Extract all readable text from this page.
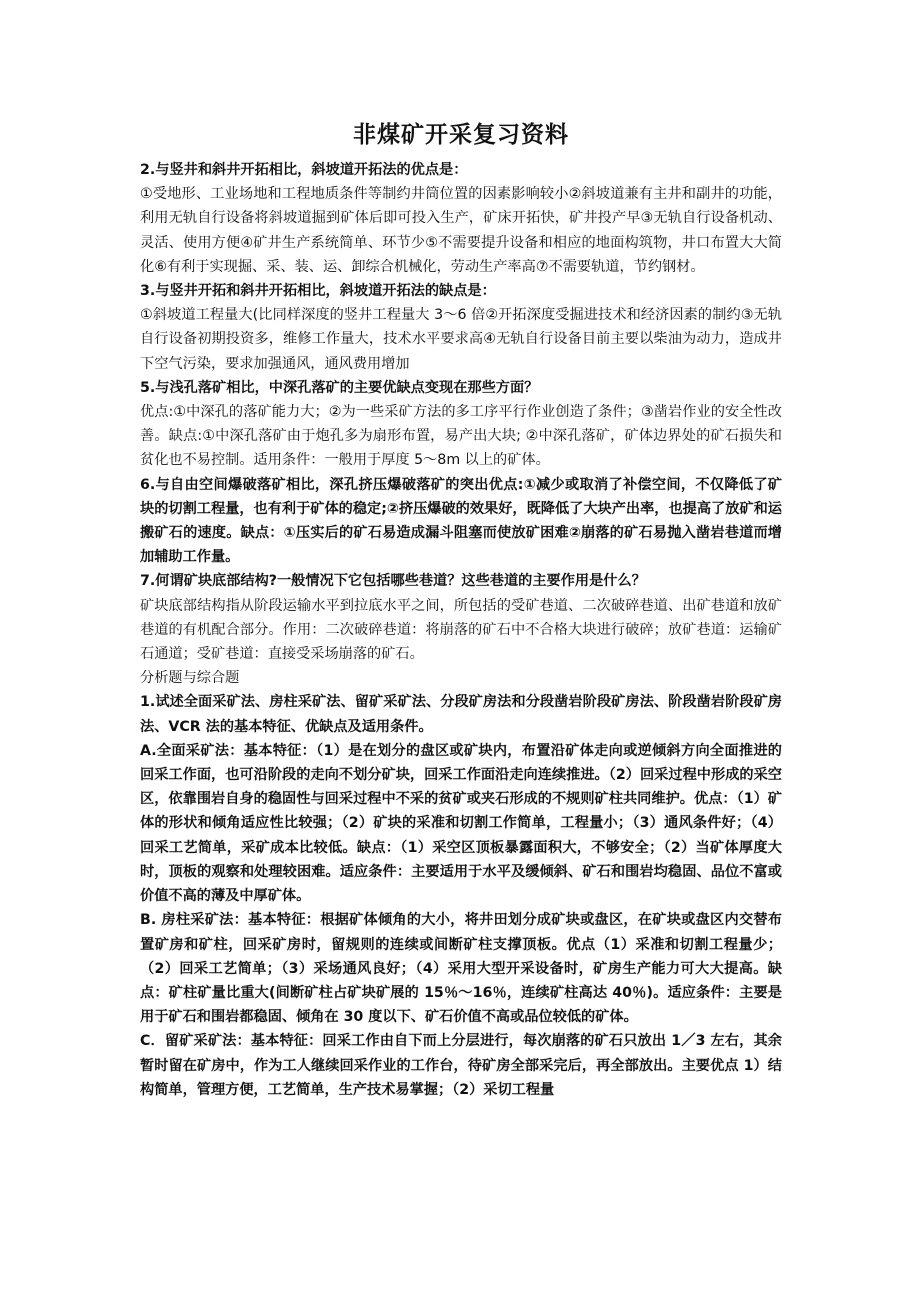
非煤矿开采复习资料

2.与竖井和斜井开拓相比，斜坡道开拓法的优点是：

①受地形、工业场地和工程地质条件等制约井筒位置的因素影响较小②斜坡道兼有主井和副井的功能，利用无轨自行设备将斜坡道掘到矿体后即可投入生产，矿床开拓快，矿井投产早③无轨自行设备机动、灵活、使用方便④矿井生产系统简单、环节少⑤不需要提升设备和相应的地面构筑物，井口布置大大简化⑥有利于实现掘、采、装、运、卸综合机械化，劳动生产率高⑦不需要轨道，节约钢材。

3.与竖井开拓和斜井开拓相比，斜坡道开拓法的缺点是：

①斜坡道工程量大(比同样深度的竖井工程量大 3～6 倍②开拓深度受掘进技术和经济因素的制约③无轨自行设备初期投资多，维修工作量大，技术水平要求高④无轨自行设备目前主要以柴油为动力，造成井下空气污染，要求加强通风，通风费用增加

5.与浅孔落矿相比，中深孔落矿的主要优缺点变现在那些方面？

优点:①中深孔的落矿能力大；②为一些采矿方法的多工序平行作业创造了条件；③凿岩作业的安全性改善。缺点:①中深孔落矿由于炮孔多为扇形布置，易产出大块; ②中深孔落矿，矿体边界处的矿石损失和贫化也不易控制。适用条件：一般用于厚度 5～8m 以上的矿体。

6.与自由空间爆破落矿相比，深孔挤压爆破落矿的突出优点:①减少或取消了补偿空间，不仅降低了矿块的切割工程量，也有利于矿体的稳定;②挤压爆破的效果好，既降低了大块产出率，也提高了放矿和运搬矿石的速度。缺点：①压实后的矿石易造成漏斗阻塞而使放矿困难②崩落的矿石易抛入凿岩巷道而增加辅助工作量。

7.何谓矿块底部结构?一般情况下它包括哪些巷道？这些巷道的主要作用是什么？

矿块底部结构指从阶段运输水平到拉底水平之间，所包括的受矿巷道、二次破碎巷道、出矿巷道和放矿巷道的有机配合部分。作用：二次破碎巷道：将崩落的矿石中不合格大块进行破碎；放矿巷道：运输矿石通道；受矿巷道：直接受采场崩落的矿石。

分析题与综合题

1.试述全面采矿法、房柱采矿法、留矿采矿法、分段矿房法和分段凿岩阶段矿房法、阶段凿岩阶段矿房法、VCR 法的基本特征、优缺点及适用条件。

A.全面采矿法：基本特征：（1）是在划分的盘区或矿块内，布置沿矿体走向或逆倾斜方向全面推进的回采工作面，也可沿阶段的走向不划分矿块，回采工作面沿走向连续推进。（2）回采过程中形成的采空区，依靠围岩自身的稳固性与回采过程中不采的贫矿或夹石形成的不规则矿柱共同维护。优点：（1）矿体的形状和倾角适应性比较强；（2）矿块的采准和切割工作简单，工程量小；（3）通风条件好；（4）回采工艺简单，采矿成本比较低。缺点：（1）采空区顶板暴露面积大，不够安全；（2）当矿体厚度大时，顶板的观察和处理较困难。适应条件：主要适用于水平及缓倾斜、矿石和围岩均稳固、品位不富或价值不高的薄及中厚矿体。

B. 房柱采矿法：基本特征：根据矿体倾角的大小，将井田划分成矿块或盘区，在矿块或盘区内交替布置矿房和矿柱，回采矿房时，留规则的连续或间断矿柱支撑顶板。优点（1）采准和切割工程量少；（2）回采工艺简单；（3）采场通风良好；（4）采用大型开采设备时，矿房生产能力可大大提高。缺点：矿柱矿量比重大(间断矿柱占矿块矿展的 15％～16％，连续矿柱高达 40％)。适应条件：主要是用于矿石和围岩都稳固、倾角在 30 度以下、矿石价值不高或品位较低的矿体。

C．留矿采矿法：基本特征：回采工作由自下而上分层进行，每次崩落的矿石只放出 1／3 左右，其余暂时留在矿房中，作为工人继续回采作业的工作台，待矿房全部采完后，再全部放出。主要优点 1）结构简单，管理方便，工艺简单，生产技术易掌握；（2）采切工程量
